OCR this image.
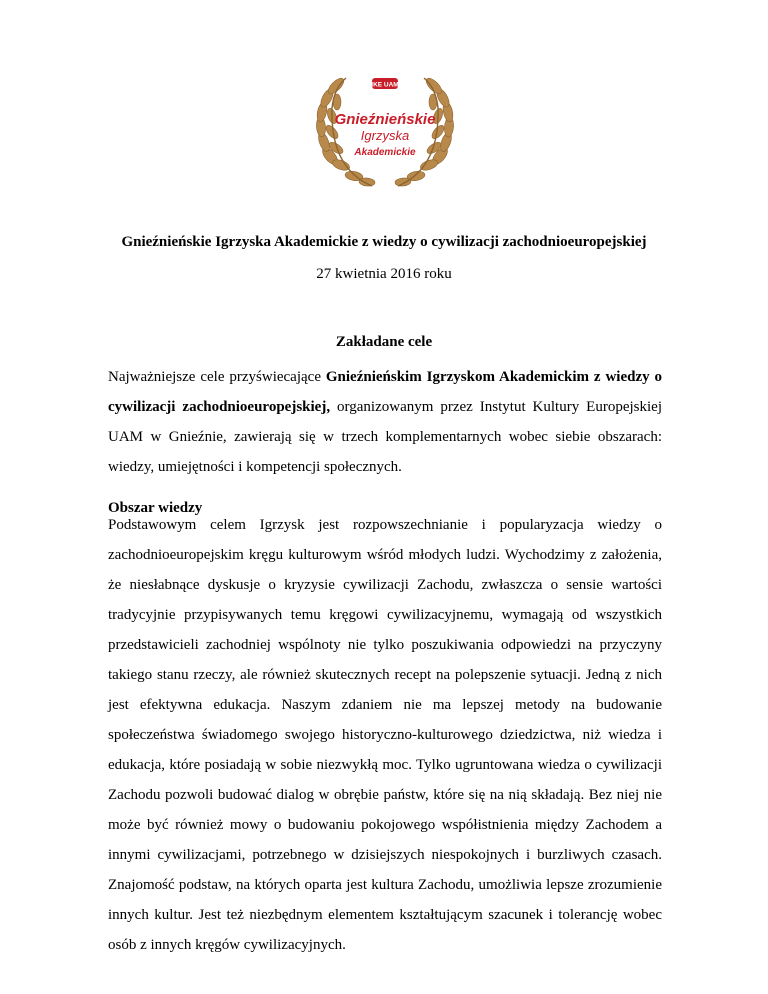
IKE UAM
Gnieźnieńskie
Igrzyska
Akademickie
Gnieźnieńskie Igrzyska Akademickie z wiedzy o cywilizacji zachodnioeuropejskiej
27 kwietnia 2016 roku
Zakładane cele
Najważniejsze cele przyświecające Gnieźnieńskim Igrzyskom Akademickim z wiedzy o cywilizacji zachodnioeuropejskiej, organizowanym przez Instytut Kultury Europejskiej UAM w Gnieźnie, zawierają się w trzech komplementarnych wobec siebie obszarach: wiedzy, umiejętności i kompetencji społecznych.
Obszar wiedzy
Podstawowym celem Igrzysk jest rozpowszechnianie i popularyzacja wiedzy o zachodnioeuropejskim kręgu kulturowym wśród młodych ludzi. Wychodzimy z założenia, że niesłabnące dyskusje o kryzysie cywilizacji Zachodu, zwłaszcza o sensie wartości tradycyjnie przypisywanych temu kręgowi cywilizacyjnemu, wymagają od wszystkich przedstawicieli zachodniej wspólnoty nie tylko poszukiwania odpowiedzi na przyczyny takiego stanu rzeczy, ale również skutecznych recept na polepszenie sytuacji. Jedną z nich jest efektywna edukacja. Naszym zdaniem nie ma lepszej metody na budowanie społeczeństwa świadomego swojego historyczno-kulturowego dziedzictwa, niż wiedza i edukacja, które posiadają w sobie niezwykłą moc. Tylko ugruntowana wiedza o cywilizacji Zachodu pozwoli budować dialog w obrębie państw, które się na nią składają. Bez niej nie może być również mowy o budowaniu pokojowego współistnienia między Zachodem a innymi cywilizacjami, potrzebnego w dzisiejszych niespokojnych i burzliwych czasach. Znajomość podstaw, na których oparta jest kultura Zachodu, umożliwia lepsze zrozumienie innych kultur. Jest też niezbędnym elementem kształtującym szacunek i tolerancję wobec osób z innych kręgów cywilizacyjnych.
